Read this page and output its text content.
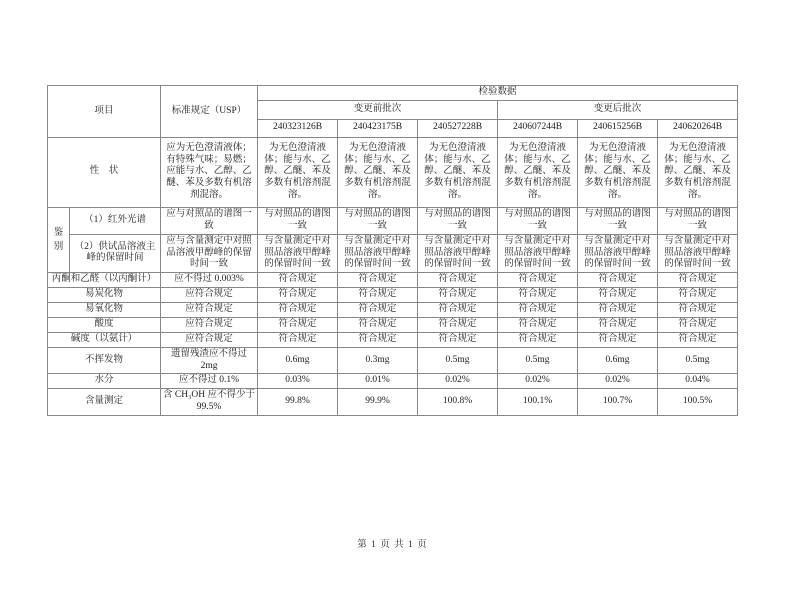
项目		标准规定（USP）	检验数据					
			变更前批次			变更后批次		
			240323126B	240423175B	240527228B	240607244B	240615256B	240620264B
性　状		应为无色澄清液体；有特殊气味；易燃；应能与水、乙醇、乙醚、苯及多数有机溶剂混溶。	为无色澄清液体；能与水、乙醇、乙醚、苯及多数有机溶剂混溶。	为无色澄清液体；能与水、乙醇、乙醚、苯及多数有机溶剂混溶。	为无色澄清液体；能与水、乙醇、乙醚、苯及多数有机溶剂混溶。	为无色澄清液体；能与水、乙醇、乙醚、苯及多数有机溶剂混溶。	为无色澄清液体；能与水、乙醇、乙醚、苯及多数有机溶剂混溶。	为无色澄清液体；能与水、乙醇、乙醚、苯及多数有机溶剂混溶。
鉴别	（1）红外光谱	应与对照品的谱图一致	与对照品的谱图一致	与对照品的谱图一致	与对照品的谱图一致	与对照品的谱图一致	与对照品的谱图一致	与对照品的谱图一致
	（2）供试品溶液主峰的保留时间	应与含量测定中对照品溶液甲醇峰的保留时间一致	与含量测定中对照品溶液甲醇峰的保留时间一致	与含量测定中对照品溶液甲醇峰的保留时间一致	与含量测定中对照品溶液甲醇峰的保留时间一致	与含量测定中对照品溶液甲醇峰的保留时间一致	与含量测定中对照品溶液甲醇峰的保留时间一致	与含量测定中对照品溶液甲醇峰的保留时间一致
丙酮和乙醛（以丙酮计）		应不得过 0.003%	符合规定	符合规定	符合规定	符合规定	符合规定	符合规定
易炭化物		应符合规定	符合规定	符合规定	符合规定	符合规定	符合规定	符合规定
易氧化物		应符合规定	符合规定	符合规定	符合规定	符合规定	符合规定	符合规定
酸度		应符合规定	符合规定	符合规定	符合规定	符合规定	符合规定	符合规定
碱度（以氨计）		应符合规定	符合规定	符合规定	符合规定	符合规定	符合规定	符合规定
不挥发物		遗留残渣应不得过 2mg	0.6mg	0.3mg	0.5mg	0.5mg	0.6mg	0.5mg
水分		应不得过 0.1%	0.03%	0.01%	0.02%	0.02%	0.02%	0.04%
含量测定		含 CH₃OH 应不得少于 99.5%	99.8%	99.9%	100.8%	100.1%	100.7%	100.5%
第 1 页 共 1 页
